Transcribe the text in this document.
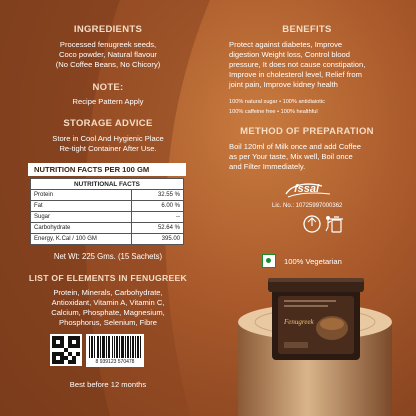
INGREDIENTS
Processed fenugreek seeds,
Coco powder, Natural flavour
(No Coffee Beans, No Chicory)
NOTE:
Recipe Pattern Apply
STORAGE ADVICE
Store in Cool And Hygienic Place
Re-tight Container After Use.
NUTRITION FACTS PER 100 GM
NUTRITIONAL FACTS	
Protein	32.55 %
Fat	6.00 %
Sugar	--
Carbohydrate	52.64 %
Energy, K.Cal / 100 GM	395.00
Net Wt: 225 Gms. (15 Sachets)
LIST OF ELEMENTS IN FENUGREEK
Protein, Minerals, Carbohydrate,
Antioxidant, Vitamin A, Vitamin C,
Calcium, Phosphate, Magnesium,
Phosphorus, Selenium, Fibre
8 939123 570478
Best before 12 months
BENEFITS
Protect against diabetes, Improve
digestion Weight loss, Control blood
pressure, It does not cause constipation,
Improve in cholesterol level, Relief from
joint pain, Improve kidney health
100% natural sugar • 100% antidiaiotic
100% caffeine free • 100% healthful
METHOD OF PREPARATION
Boil 120ml of Milk once and add Coffee
as per Your taste, Mix well, Boil once
and Filter Immediately.
fssai
Lic. No.: 10725997000362
100% Vegetarian
Fenugreek
